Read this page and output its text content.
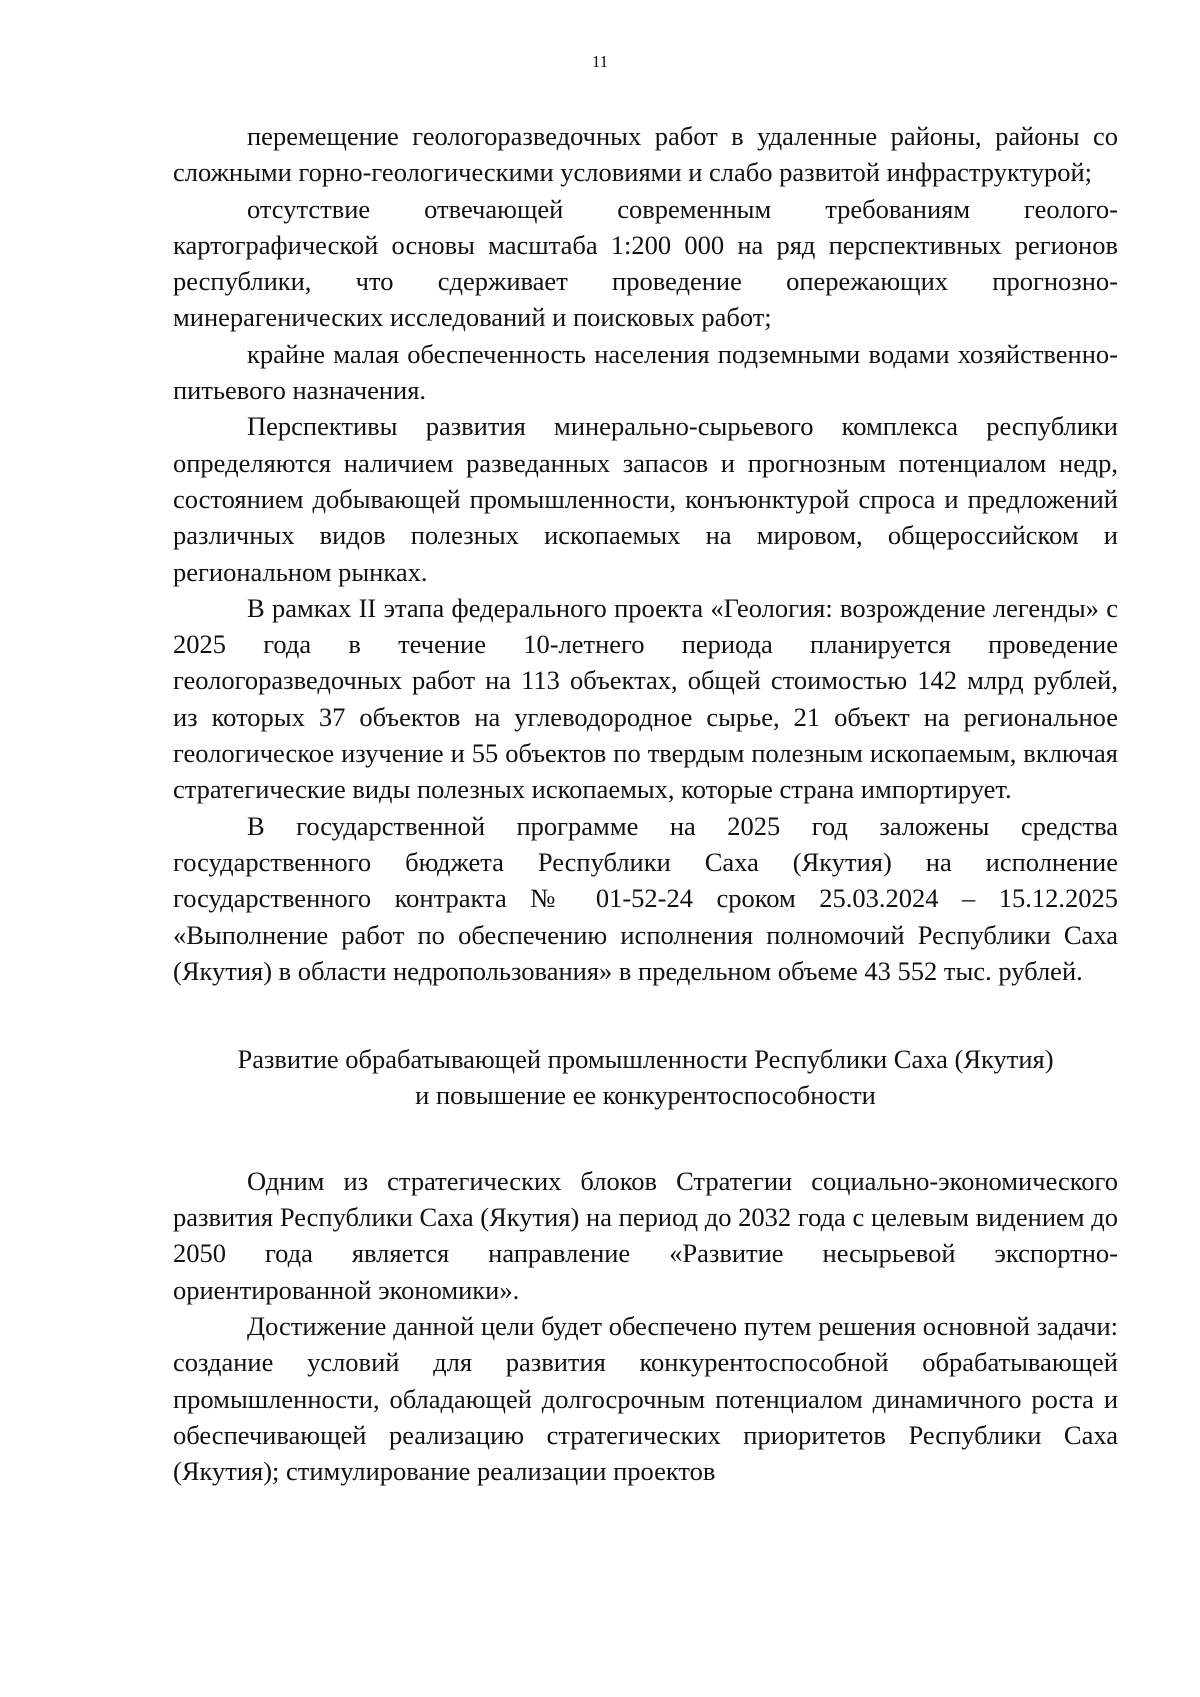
11

перемещение геологоразведочных работ в удаленные районы, районы со сложными горно-геологическими условиями и слабо развитой инфраструктурой;

отсутствие отвечающей современным требованиям геолого-картографической основы масштаба 1:200 000 на ряд перспективных регионов республики, что сдерживает проведение опережающих прогнозно-минерагенических исследований и поисковых работ;

крайне малая обеспеченность населения подземными водами хозяйственно-питьевого назначения.

Перспективы развития минерально-сырьевого комплекса республики определяются наличием разведанных запасов и прогнозным потенциалом недр, состоянием добывающей промышленности, конъюнктурой спроса и предложений различных видов полезных ископаемых на мировом, общероссийском и региональном рынках.

В рамках II этапа федерального проекта «Геология: возрождение легенды» с 2025 года в течение 10-летнего периода планируется проведение геологоразведочных работ на 113 объектах, общей стоимостью 142 млрд рублей, из которых 37 объектов на углеводородное сырье, 21 объект на региональное геологическое изучение и 55 объектов по твердым полезным ископаемым, включая стратегические виды полезных ископаемых, которые страна импортирует.

В государственной программе на 2025 год заложены средства государственного бюджета Республики Саха (Якутия) на исполнение государственного контракта № 01-52-24 сроком 25.03.2024 – 15.12.2025 «Выполнение работ по обеспечению исполнения полномочий Республики Саха (Якутия) в области недропользования» в предельном объеме 43 552 тыс. рублей.

Развитие обрабатывающей промышленности Республики Саха (Якутия)
и повышение ее конкурентоспособности

Одним из стратегических блоков Стратегии социально-экономического развития Республики Саха (Якутия) на период до 2032 года с целевым видением до 2050 года является направление «Развитие несырьевой экспортно-ориентированной экономики».

Достижение данной цели будет обеспечено путем решения основной задачи: создание условий для развития конкурентоспособной обрабатывающей промышленности, обладающей долгосрочным потенциалом динамичного роста и обеспечивающей реализацию стратегических приоритетов Республики Саха (Якутия); стимулирование реализации проектов
